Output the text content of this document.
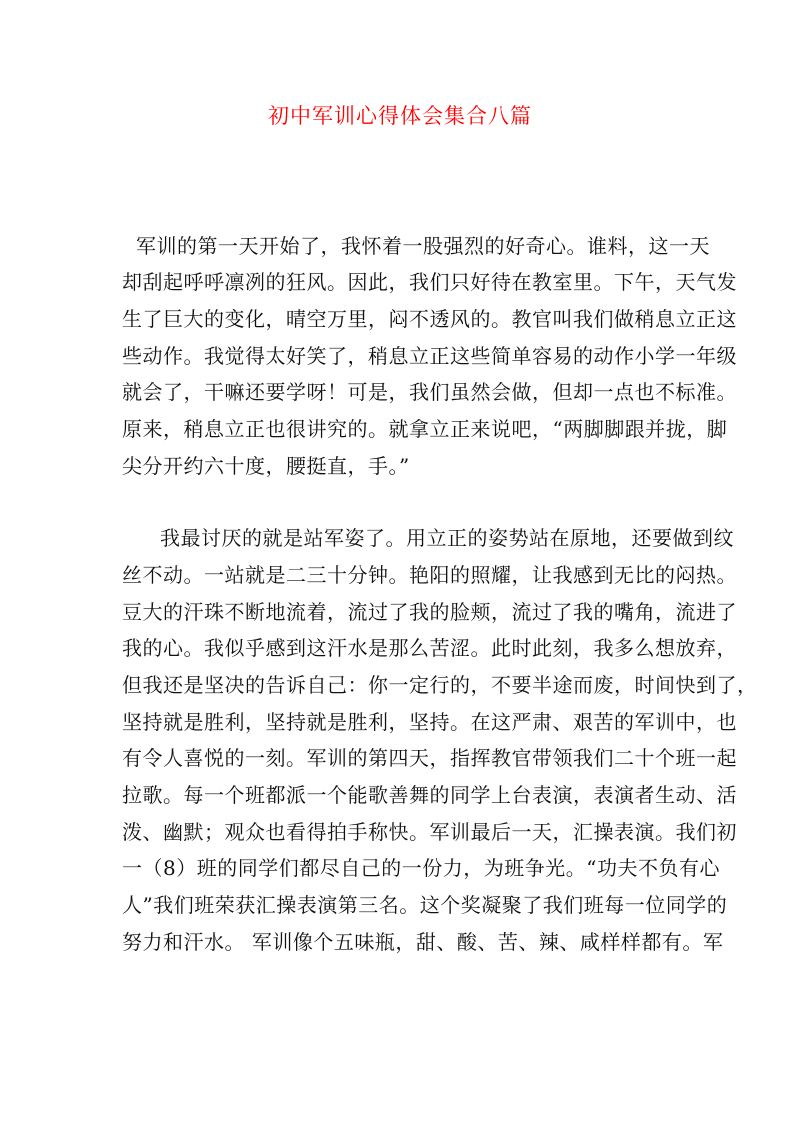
初中军训心得体会集合八篇
军训的第一天开始了，我怀着一股强烈的好奇心。谁料，这一天
却刮起呼呼凛冽的狂风。因此，我们只好待在教室里。下午，天气发
生了巨大的变化，晴空万里，闷不透风的。教官叫我们做稍息立正这
些动作。我觉得太好笑了，稍息立正这些简单容易的动作小学一年级
就会了，干嘛还要学呀！可是，我们虽然会做，但却一点也不标准。
原来，稍息立正也很讲究的。就拿立正来说吧，“两脚脚跟并拢，脚
尖分开约六十度，腰挺直，手。”
我最讨厌的就是站军姿了。用立正的姿势站在原地，还要做到纹
丝不动。一站就是二三十分钟。艳阳的照耀，让我感到无比的闷热。
豆大的汗珠不断地流着，流过了我的脸颊，流过了我的嘴角，流进了
我的心。我似乎感到这汗水是那么苦涩。此时此刻，我多么想放弃，
但我还是坚决的告诉自己：你一定行的，不要半途而废，时间快到了，
坚持就是胜利，坚持就是胜利，坚持。在这严肃、艰苦的军训中，也
有令人喜悦的一刻。军训的第四天，指挥教官带领我们二十个班一起
拉歌。每一个班都派一个能歌善舞的同学上台表演，表演者生动、活
泼、幽默；观众也看得拍手称快。军训最后一天，汇操表演。我们初
一（8）班的同学们都尽自己的一份力，为班争光。“功夫不负有心
人”我们班荣获汇操表演第三名。这个奖凝聚了我们班每一位同学的
努力和汗水。 军训像个五味瓶，甜、酸、苦、辣、咸样样都有。军
